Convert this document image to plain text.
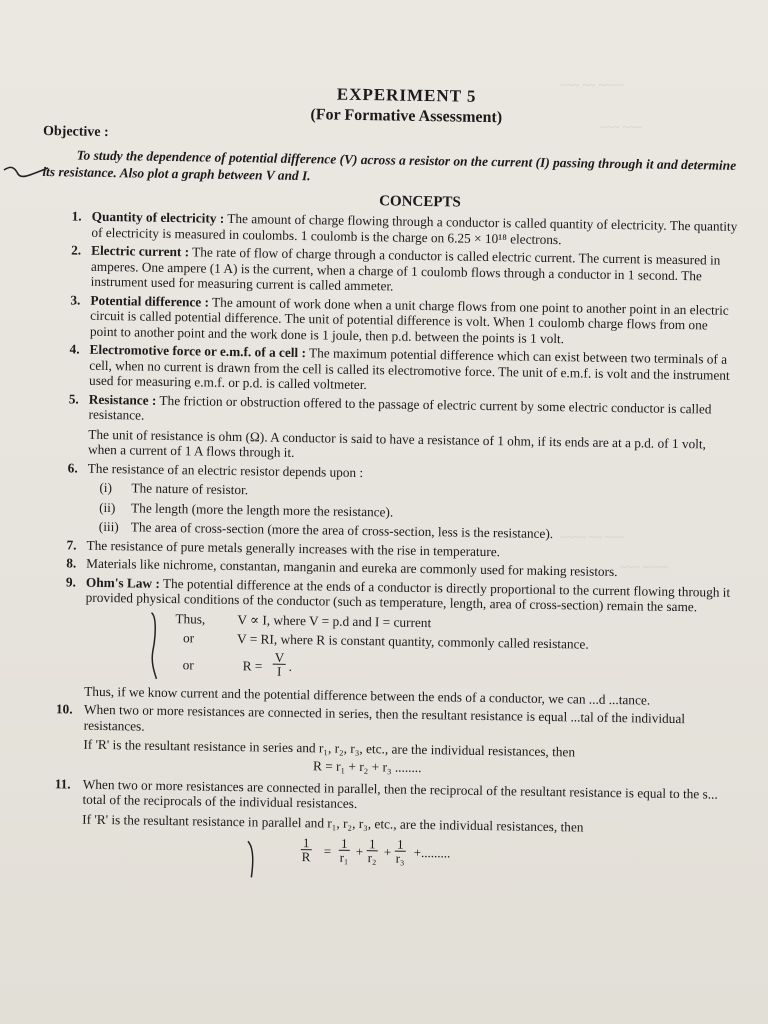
~~~ ~~ ~~~~
~~~ ~~~
~~~~ ~~ ~~~
~~~ ~~~~
EXPERIMENT 5
(For Formative Assessment)
Objective :
To study the dependence of potential difference (V) across a resistor on the current (I) passing through it and determine its resistance. Also plot a graph between V and I.
CONCEPTS
1. Quantity of electricity : The amount of charge flowing through a conductor is called quantity of electricity. The quantity of electricity is measured in coulombs. 1 coulomb is the charge on 6.25 × 10¹⁸ electrons.
2. Electric current : The rate of flow of charge through a conductor is called electric current. The current is measured in amperes. One ampere (1 A) is the current, when a charge of 1 coulomb flows through a conductor in 1 second. The instrument used for measuring current is called ammeter.
3. Potential difference : The amount of work done when a unit charge flows from one point to another point in an electric circuit is called potential difference. The unit of potential difference is volt. When 1 coulomb charge flows from one point to another point and the work done is 1 joule, then p.d. between the points is 1 volt.
4. Electromotive force or e.m.f. of a cell : The maximum potential difference which can exist between two terminals of a cell, when no current is drawn from the cell is called its electromotive force. The unit of e.m.f. is volt and the instrument used for measuring e.m.f. or p.d. is called voltmeter.
5. Resistance : The friction or obstruction offered to the passage of electric current by some electric conductor is called resistance.
The unit of resistance is ohm (Ω). A conductor is said to have a resistance of 1 ohm, if its ends are at a p.d. of 1 volt, when a current of 1 A flows through it.
6. The resistance of an electric resistor depends upon :
(i) The nature of resistor.
(ii) The length (more the length more the resistance).
(iii) The area of cross-section (more the area of cross-section, less is the resistance).
7. The resistance of pure metals generally increases with the rise in temperature.
8. Materials like nichrome, constantan, manganin and eureka are commonly used for making resistors.
9. Ohm's Law : The potential difference at the ends of a conductor is directly proportional to the current flowing through it provided physical conditions of the conductor (such as temperature, length, area of cross-section) remain the same.
Thus, V ∝ I, where V = p.d and I = current
or	V = RI, where R is constant quantity, commonly called resistance.
or	$R = \frac{V}{I}$ .
Thus, if we know current and the potential difference between the ends of a conductor, we can ...d ...tance.
10. When two or more resistances are connected in series, then the resultant resistance is equal ...tal of the individual resistances.
If 'R' is the resultant resistance in series and r₁, r₂, r₃, etc., are the individual resistances, then
R = r₁ + r₂ + r₃ ........
11. When two or more resistances are connected in parallel, then the reciprocal of the resultant resistance is equal to the s... total of the reciprocals of the individual resistances.
If 'R' is the resultant resistance in parallel and r₁, r₂, r₃, etc., are the individual resistances, then
$\frac{1}{R} = \frac{1}{\text{r₁}} + \frac{1}{\text{r₂}} + \frac{1}{\text{r₃}}$ +.........
